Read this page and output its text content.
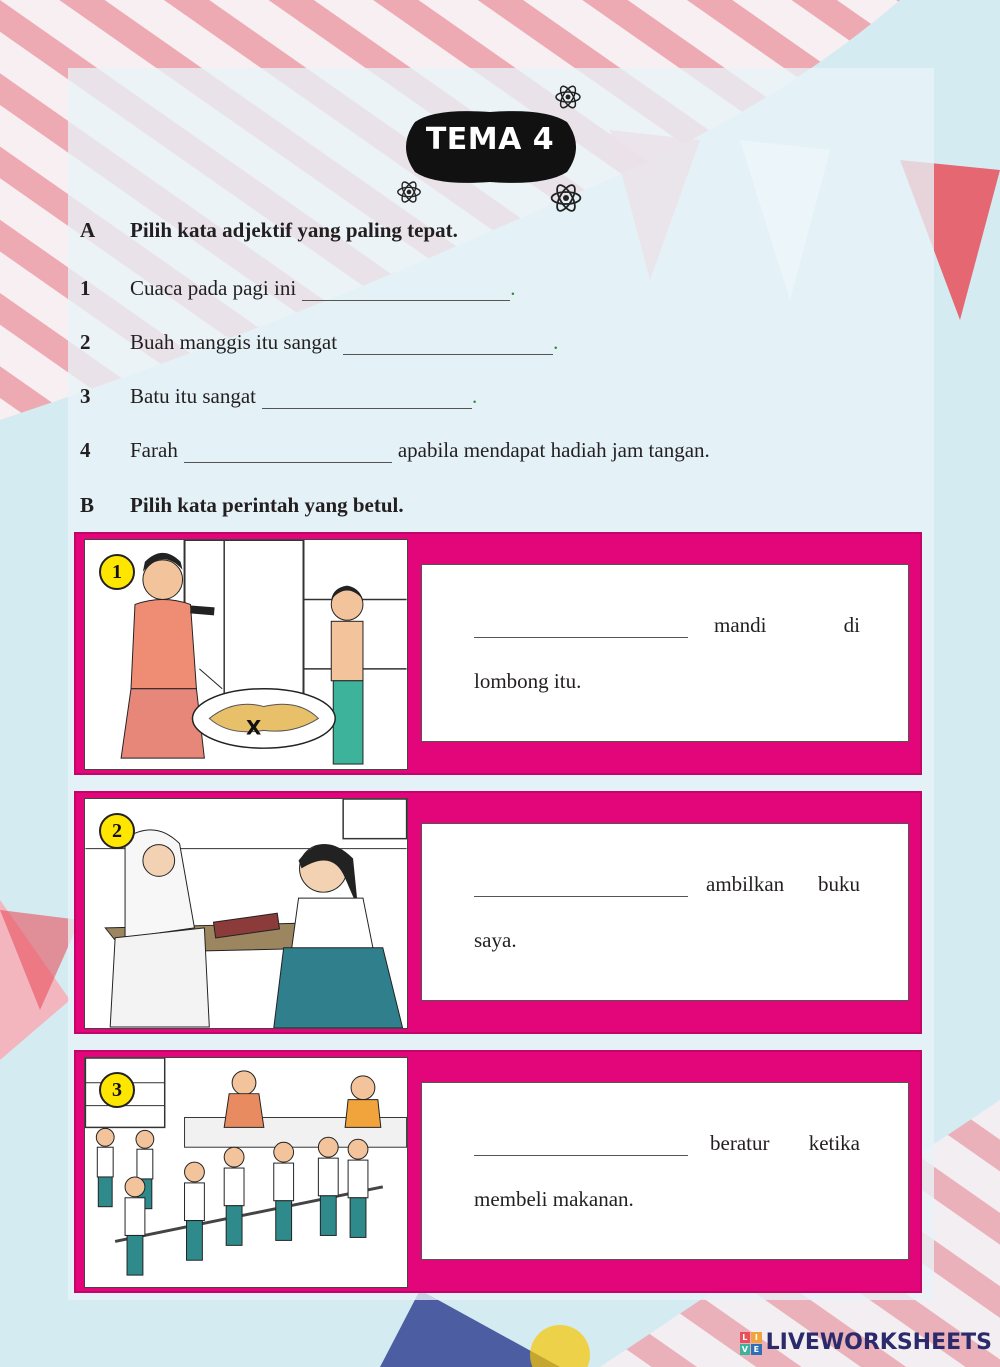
TEMA 4
A	Pilih kata adjektif yang paling tepat.
1	Cuaca pada pagi ini	.
2	Buah manggis itu sangat	.
3	Batu itu sangat	.
4	Farah	apabila mendapat hadiah jam tangan.
B	Pilih kata perintah yang betul.
X
1
mandi	di
lombong itu.
2
ambilkan buku
saya.
3
beratur ketika
membeli makanan.
L I
V E LIVEWORKSHEETS
